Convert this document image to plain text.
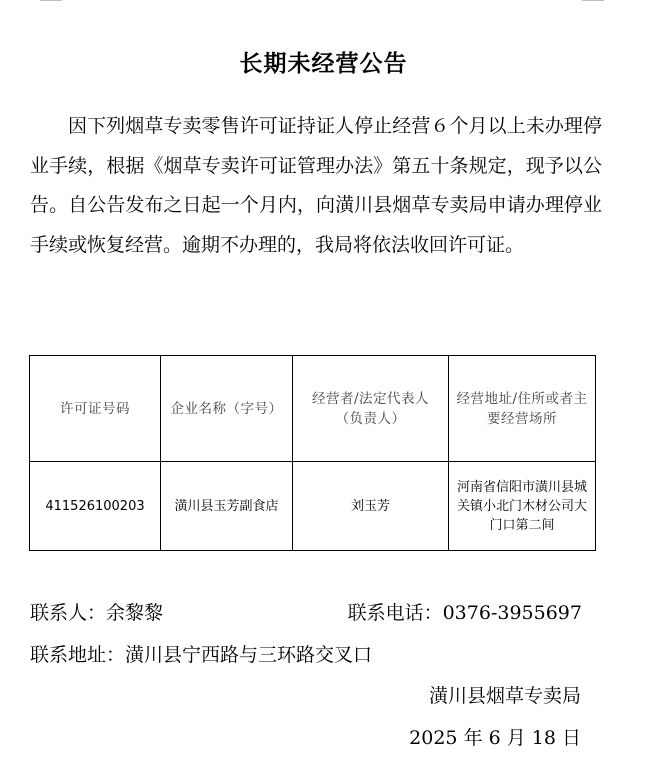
长期未经营公告

因下列烟草专卖零售许可证持证人停止经营６个月以上未办理停业手续，根据《烟草专卖许可证管理办法》第五十条规定，现予以公告。自公告发布之日起一个月内，向潢川县烟草专卖局申请办理停业手续或恢复经营。逾期不办理的，我局将依法收回许可证。

许可证号码	企业名称（字号）	经营者/法定代表人（负责人）	经营地址/住所或者主要经营场所
411526100203	潢川县玉芳副食店	刘玉芳	河南省信阳市潢川县城关镇小北门木材公司大门口第二间
联系人：余黎黎	联系电话：0376-3955697
联系地址：潢川县宁西路与三环路交叉口
潢川县烟草专卖局
2025 年 6 月 18 日
